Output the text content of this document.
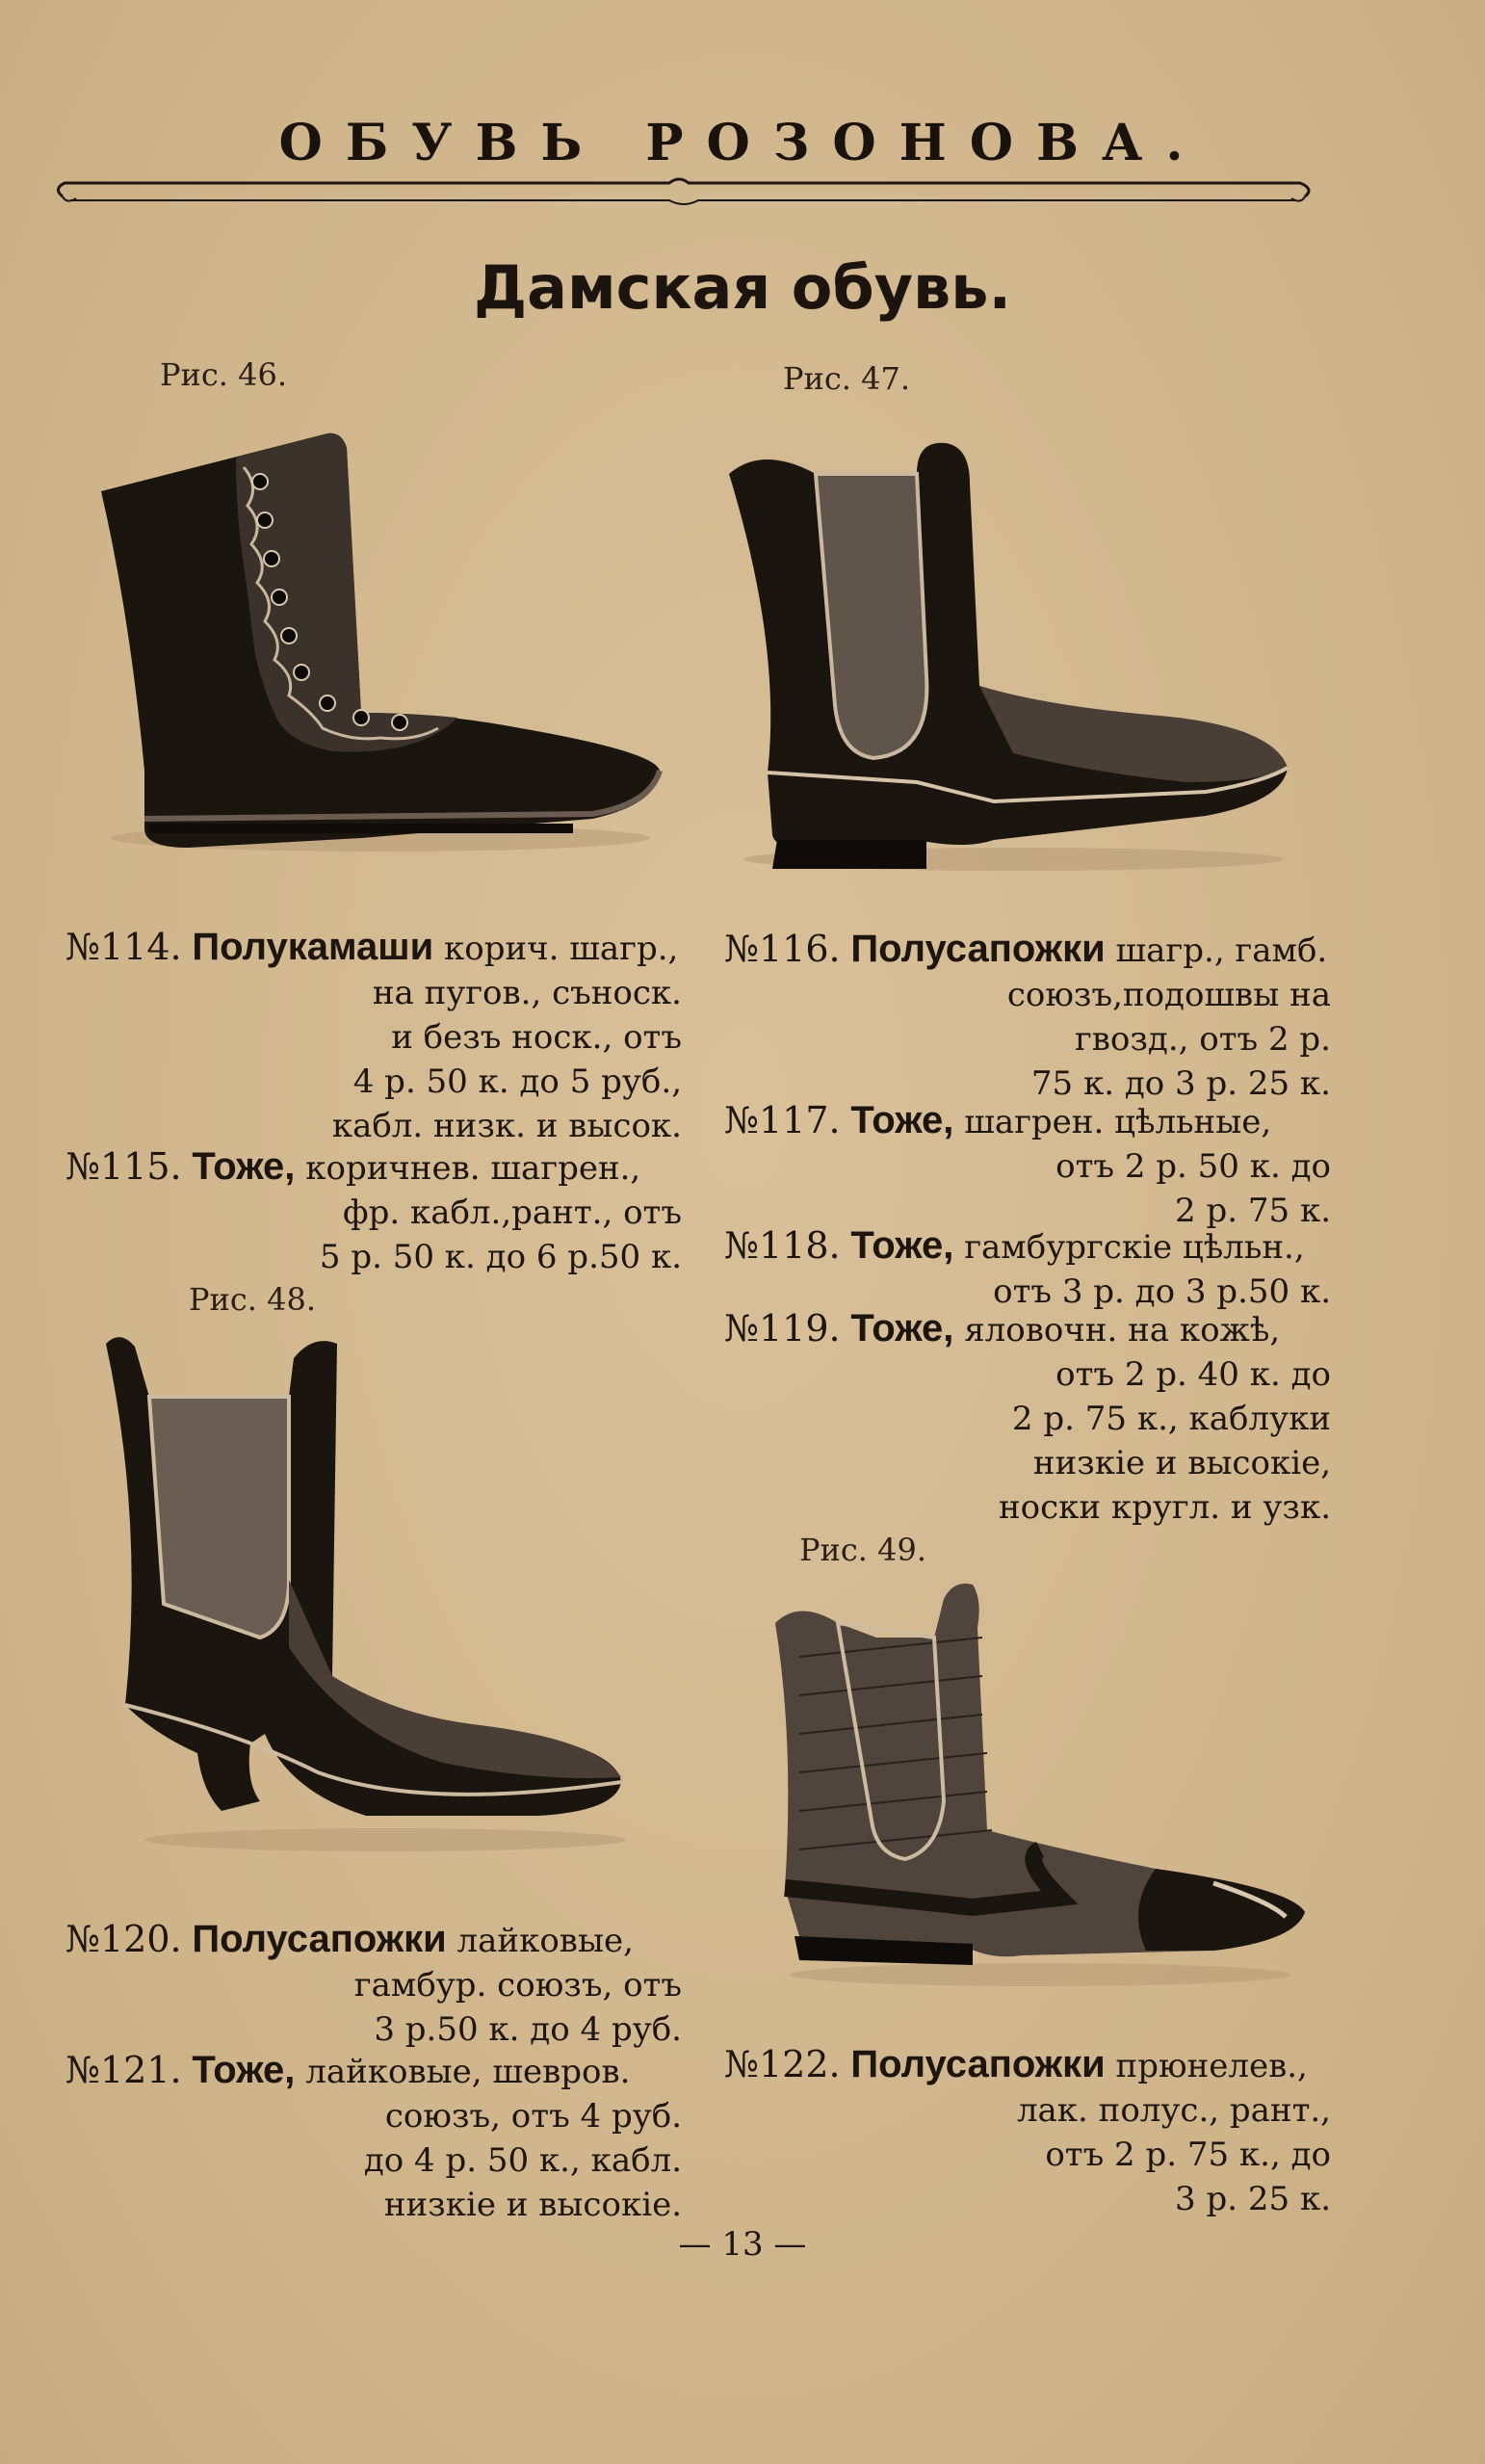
ОБУВЬ РОЗОНОВА.
Дамская обувь.
Рис. 46.	Рис. 47.
Рис. 48.
Рис. 49.
№114. Полукамаши корич. шагр.,
на пугов., съноск.
и безъ носк., отъ
4 р. 50 к. до 5 руб.,
кабл. низк. и высок.
№115. Тоже, коричнев. шагрен.,
фр. кабл.,рант., отъ
5 р. 50 к. до 6 р.50 к.
№120. Полусапожки лайковые,
гамбур. союзъ, отъ
3 р.50 к. до 4 руб.
№121. Тоже, лайковые, шевров.
союзъ, отъ 4 руб.
до 4 р. 50 к., кабл.
низкіе и высокіе.
№116. Полусапожки шагр., гамб.
союзъ,подошвы на
гвозд., отъ 2 р.
75 к. до 3 р. 25 к.
№117. Тоже, шагрен. цѣльные,
отъ 2 р. 50 к. до
2 р. 75 к.
№118. Тоже, гамбургскіе цѣльн.,
отъ 3 р. до 3 р.50 к.
№119. Тоже, яловочн. на кожѣ,
отъ 2 р. 40 к. до
2 р. 75 к., каблуки
низкіе и высокіе,
носки кругл. и узк.
№122. Полусапожки прюнелев.,
лак. полус., рант.,
отъ 2 р. 75 к., до
3 р. 25 к.
— 13 —
